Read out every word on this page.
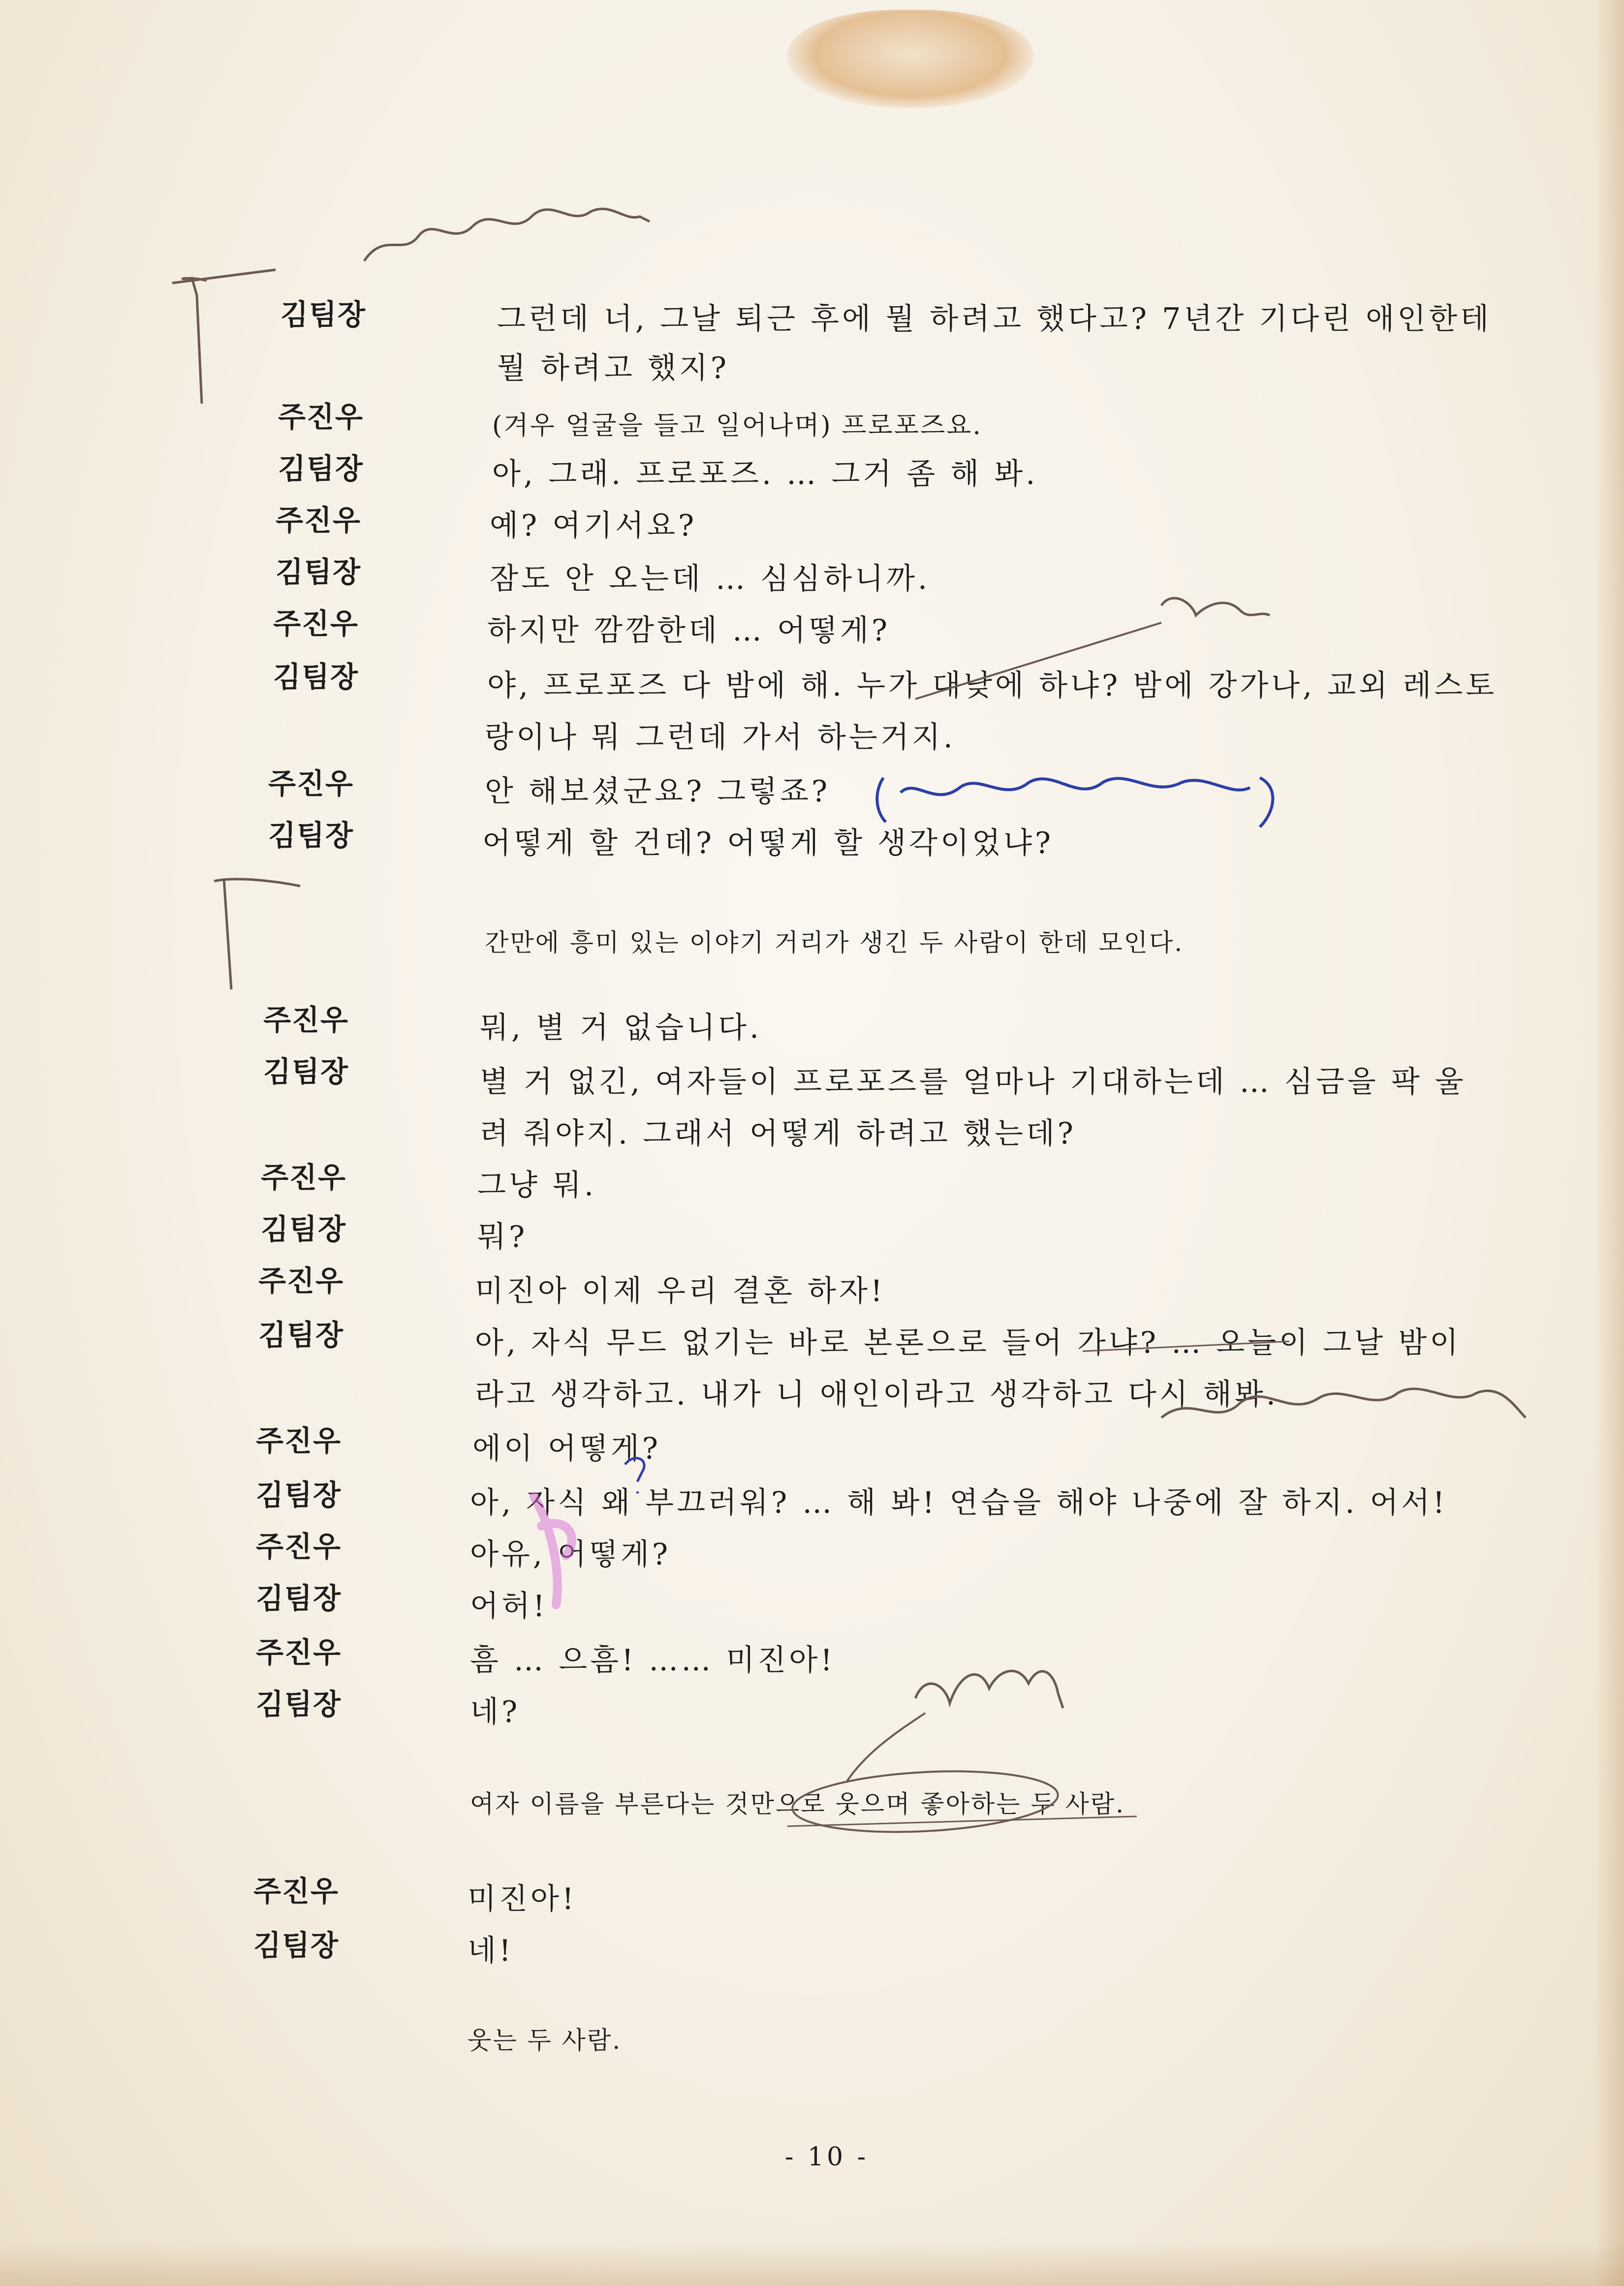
김팀장	그런데 너, 그날 퇴근 후에 뭘 하려고 했다고? 7년간 기다린 애인한테
뭘 하려고 했지?
주진우	(겨우 얼굴을 들고 일어나며) 프로포즈요.
김팀장	아, 그래. 프로포즈. … 그거 좀 해 봐.
주진우	예? 여기서요?
김팀장	잠도 안 오는데 … 심심하니까.
주진우	하지만 깜깜한데 … 어떻게?
김팀장	야, 프로포즈 다 밤에 해. 누가 대낮에 하냐? 밤에 강가나, 교외 레스토
랑이나 뭐 그런데 가서 하는거지.
주진우	안 해보셨군요? 그렇죠?
김팀장	어떻게 할 건데? 어떻게 할 생각이었냐?
간만에 흥미 있는 이야기 거리가 생긴 두 사람이 한데 모인다.
주진우	뭐, 별 거 없습니다.
김팀장	별 거 없긴, 여자들이 프로포즈를 얼마나 기대하는데 … 심금을 팍 울
려 줘야지. 그래서 어떻게 하려고 했는데?
주진우	그냥 뭐.
김팀장	뭐?
주진우	미진아 이제 우리 결혼 하자!
김팀장	아, 자식 무드 없기는 바로 본론으로 들어 가냐? … 오늘이 그날 밤이
라고 생각하고. 내가 니 애인이라고 생각하고 다시 해봐.
주진우	에이 어떻게?
김팀장	아, 자식 왜 부끄러워? … 해 봐! 연습을 해야 나중에 잘 하지. 어서!
주진우	아유, 어떻게?
김팀장	어허!
주진우	흠 … 으흠! …… 미진아!
김팀장	네?
여자 이름을 부른다는 것만으로 웃으며 좋아하는 두 사람.
주진우	미진아!
김팀장	네!
웃는 두 사람.
- 10 -
